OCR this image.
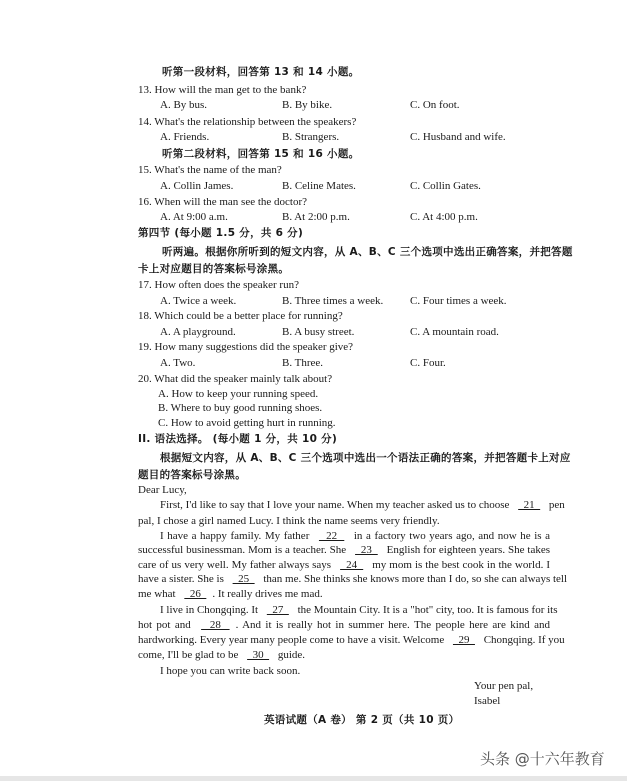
听第一段材料，回答第 13 和 14 小题。
13. How will the man get to the bank?
A. By bus.	B. By bike.	C. On foot.
14. What's the relationship between the speakers?
A. Friends.	B. Strangers.	C. Husband and wife.
听第二段材料，回答第 15 和 16 小题。
15. What's the name of the man?
A. Collin James.	B. Celine Mates.	C. Collin Gates.
16. When will the man see the doctor?
A. At 9:00 a.m.	B. At 2:00 p.m.	C. At 4:00 p.m.
第四节 (每小题 1.5 分，共 6 分)
听两遍。根据你所听到的短文内容，从 A、B、C 三个选项中选出正确答案，并把答题
卡上对应题目的答案标号涂黑。
17. How often does the speaker run?
A. Twice a week.	B. Three times a week. C. Four times a week.
18. Which could be a better place for running?
A. A playground.	B. A busy street.	C. A mountain road.
19. How many suggestions did the speaker give?
A. Two.	B. Three.	C. Four.
20. What did the speaker mainly talk about?
A. How to keep your running speed.
B. Where to buy good running shoes.
C. How to avoid getting hurt in running.
II. 语法选择。 (每小题 1 分，共 10 分)
根据短文内容，从 A、B、C 三个选项中选出一个语法正确的答案，并把答题卡上对应
题目的答案标号涂黑。
Dear Lucy,
First, I'd like to say that I love your name. When my teacher asked us to choose   21   pen
pal, I chose a girl named Lucy. I think the name seems very friendly.
I have a happy family. My father   22   in a factory two years ago, and now he is a
successful businessman. Mom is a teacher. She   23   English for eighteen years. She takes
care of us very well. My father always says   24   my mom is the best cook in the world. I
have a sister. She is   25   than me. She thinks she knows more than I do, so she can always tell
me what   26  . It really drives me mad.
I live in Chongqing. It   27   the Mountain City. It is a "hot" city, too. It is famous for its
hot pot and   28  . And it is really hot in summer here. The people here are kind and
hardworking. Every year many people come to have a visit. Welcome   29   Chongqing. If you
come, I'll be glad to be   30   guide.
I hope you can write back soon.
Your pen pal,
Isabel
英语试题（A 卷） 第 2 页（共 10 页）
头条 @十六年教育
